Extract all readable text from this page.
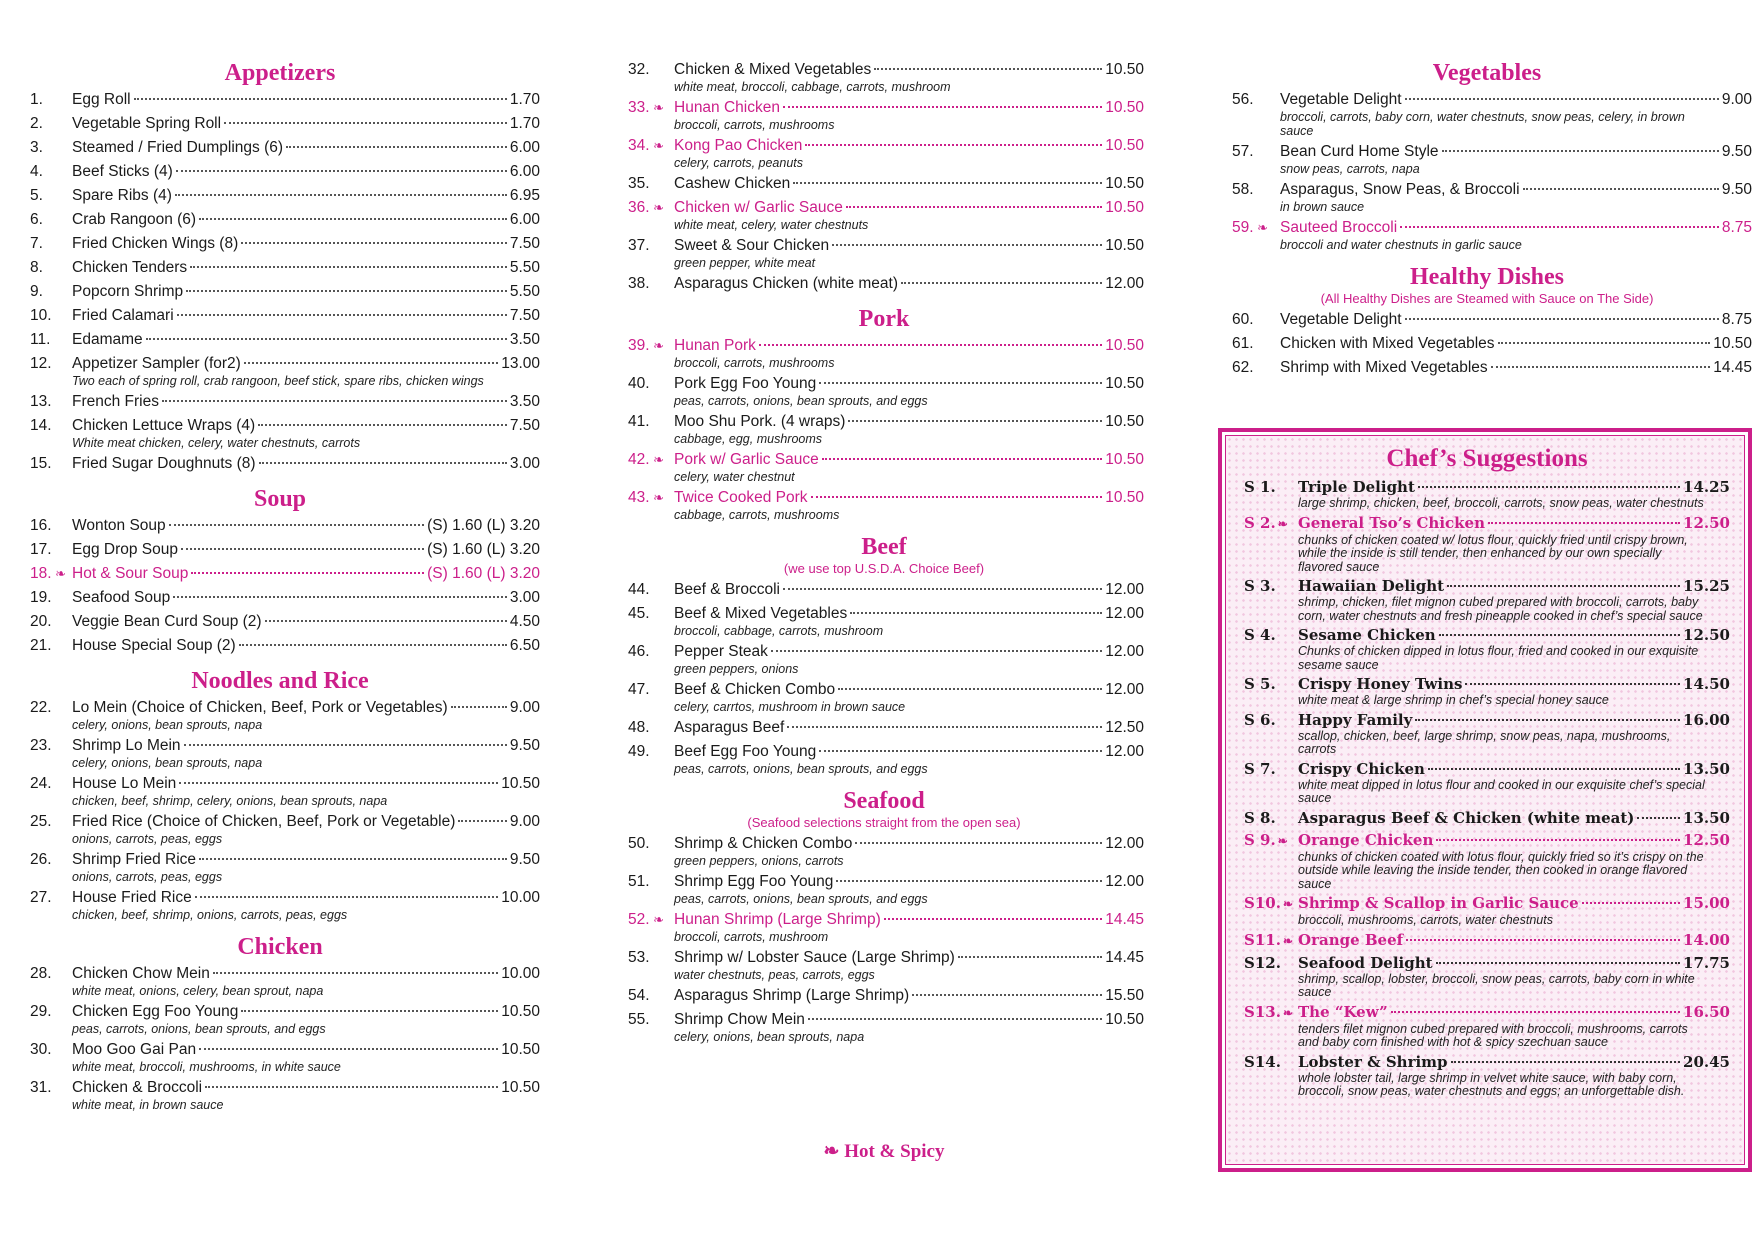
Appetizers
1.	Egg Roll	1.70
2.	Vegetable Spring Roll	1.70
3.	Steamed / Fried Dumplings (6)	6.00
4.	Beef Sticks (4)	6.00
5.	Spare Ribs (4)	6.95
6.	Crab Rangoon (6)	6.00
7.	Fried Chicken Wings (8)	7.50
8.	Chicken Tenders	5.50
9.	Popcorn Shrimp	5.50
10.	Fried Calamari	7.50
11.	Edamame	3.50
12.	Appetizer Sampler (for2)	13.00
Two each of spring roll, crab rangoon, beef stick, spare ribs, chicken wings
13.	French Fries	3.50
14.	Chicken Lettuce Wraps (4)	7.50
White meat chicken, celery, water chestnuts, carrots
15.	Fried Sugar Doughnuts (8)	3.00
Soup
16.	Wonton Soup	(S) 1.60 (L) 3.20
17.	Egg Drop Soup	(S) 1.60 (L) 3.20
18. ❧	Hot & Sour Soup	(S) 1.60 (L) 3.20
19.	Seafood Soup	3.00
20.	Veggie Bean Curd Soup (2)	4.50
21.	House Special Soup (2)	6.50
Noodles and Rice
22.	Lo Mein (Choice of Chicken, Beef, Pork or Vegetables)	9.00
celery, onions, bean sprouts, napa
23.	Shrimp Lo Mein	9.50
celery, onions, bean sprouts, napa
24.	House Lo Mein	10.50
chicken, beef, shrimp, celery, onions, bean sprouts, napa
25.	Fried Rice (Choice of Chicken, Beef, Pork or Vegetable)	9.00
onions, carrots, peas, eggs
26.	Shrimp Fried Rice	9.50
onions, carrots, peas, eggs
27.	House Fried Rice	10.00
chicken, beef, shrimp, onions, carrots, peas, eggs
Chicken
28.	Chicken Chow Mein	10.00
white meat, onions, celery, bean sprout, napa
29.	Chicken Egg Foo Young	10.50
peas, carrots, onions, bean sprouts, and eggs
30.	Moo Goo Gai Pan	10.50
white meat, broccoli, mushrooms, in white sauce
31.	Chicken & Broccoli	10.50
white meat, in brown sauce
32.	Chicken & Mixed Vegetables	10.50
white meat, broccoli, cabbage, carrots, mushroom
33. ❧	Hunan Chicken	10.50
broccoli, carrots, mushrooms
34. ❧	Kong Pao Chicken	10.50
celery, carrots, peanuts
35.	Cashew Chicken	10.50
36. ❧	Chicken w/ Garlic Sauce	10.50
white meat, celery, water chestnuts
37.	Sweet & Sour Chicken	10.50
green pepper, white meat
38.	Asparagus Chicken (white meat)	12.00
Pork
39. ❧	Hunan Pork	10.50
broccoli, carrots, mushrooms
40.	Pork Egg Foo Young	10.50
peas, carrots, onions, bean sprouts, and eggs
41.	Moo Shu Pork. (4 wraps)	10.50
cabbage, egg, mushrooms
42. ❧	Pork w/ Garlic Sauce	10.50
celery, water chestnut
43. ❧	Twice Cooked Pork	10.50
cabbage, carrots, mushrooms
Beef
(we use top U.S.D.A. Choice Beef)
44.	Beef & Broccoli	12.00
45.	Beef & Mixed Vegetables	12.00
broccoli, cabbage, carrots, mushroom
46.	Pepper Steak	12.00
green peppers, onions
47.	Beef & Chicken Combo	12.00
celery, carrtos, mushroom in brown sauce
48.	Asparagus Beef	12.50
49.	Beef Egg Foo Young	12.00
peas, carrots, onions, bean sprouts, and eggs
Seafood
(Seafood selections straight from the open sea)
50.	Shrimp & Chicken Combo	12.00
green peppers, onions, carrots
51.	Shrimp Egg Foo Young	12.00
peas, carrots, onions, bean sprouts, and eggs
52. ❧	Hunan Shrimp (Large Shrimp)	14.45
broccoli, carrots, mushroom
53.	Shrimp w/ Lobster Sauce (Large Shrimp)	14.45
water chestnuts, peas, carrots, eggs
54.	Asparagus Shrimp (Large Shrimp)	15.50
55.	Shrimp Chow Mein	10.50
celery, onions, bean sprouts, napa
Vegetables
56.	Vegetable Delight	9.00
broccoli, carrots, baby corn, water chestnuts, snow peas, celery, in brown sauce
57.	Bean Curd Home Style	9.50
snow peas, carrots, napa
58.	Asparagus, Snow Peas, & Broccoli	9.50
in brown sauce
59. ❧	Sauteed Broccoli	8.75
broccoli and water chestnuts in garlic sauce
Healthy Dishes
(All Healthy Dishes are Steamed with Sauce on The Side)
60.	Vegetable Delight	8.75
61.	Chicken with Mixed Vegetables	10.50
62.	Shrimp with Mixed Vegetables	14.45
Chef’s Suggestions
S 1.	Triple Delight	14.25
large shrimp, chicken, beef, broccoli, carrots, snow peas, water chestnuts
S 2. ❧	General Tso’s Chicken	12.50
chunks of chicken coated w/ lotus flour, quickly fried until crispy brown, while the inside is still tender, then enhanced by our own specially flavored sauce
S 3.	Hawaiian Delight	15.25
shrimp, chicken, filet mignon cubed prepared with broccoli, carrots, baby corn, water chestnuts and fresh pineapple cooked in chef’s special sauce
S 4.	Sesame Chicken	12.50
Chunks of chicken dipped in lotus flour, fried and cooked in our exquisite sesame sauce
S 5.	Crispy Honey Twins	14.50
white meat & large shrimp in chef’s special honey sauce
S 6.	Happy Family	16.00
scallop, chicken, beef, large shrimp, snow peas, napa, mushrooms, carrots
S 7.	Crispy Chicken	13.50
white meat dipped in lotus flour and cooked in our exquisite chef’s special sauce
S 8.	Asparagus Beef & Chicken (white meat)	13.50
S 9. ❧	Orange Chicken	12.50
chunks of chicken coated with lotus flour, quickly fried so it’s crispy on the outside while leaving the inside tender, then cooked in orange flavored sauce
S10. ❧	Shrimp & Scallop in Garlic Sauce	15.00
broccoli, mushrooms, carrots, water chestnuts
S11. ❧	Orange Beef	14.00
S12.	Seafood Delight	17.75
shrimp, scallop, lobster, broccoli, snow peas, carrots, baby corn in white sauce
S13. ❧	The “Kew”	16.50
tenders filet mignon cubed prepared with broccoli, mushrooms, carrots and baby corn finished with hot & spicy szechuan sauce
S14.	Lobster & Shrimp	20.45
whole lobster tail, large shrimp in velvet white sauce, with baby corn, broccoli, snow peas, water chestnuts and eggs; an unforgettable dish.
❧ Hot & Spicy
